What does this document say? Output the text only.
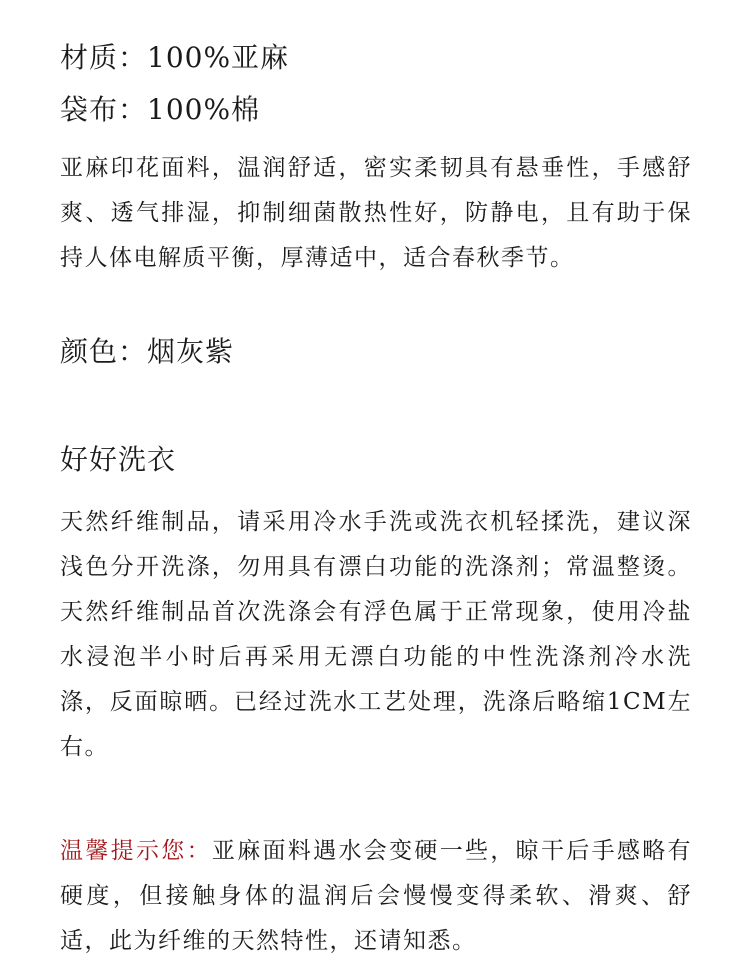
材质：100%亚麻

袋布：100%棉

亚麻印花面料，温润舒适，密实柔韧具有悬垂性，手感舒爽、透气排湿，抑制细菌散热性好，防静电，且有助于保持人体电解质平衡，厚薄适中，适合春秋季节。

颜色：烟灰紫

好好洗衣

天然纤维制品，请采用冷水手洗或洗衣机轻揉洗，建议深浅色分开洗涤，勿用具有漂白功能的洗涤剂；常温整烫。天然纤维制品首次洗涤会有浮色属于正常现象，使用冷盐水浸泡半小时后再采用无漂白功能的中性洗涤剂冷水洗涤，反面晾晒。已经过洗水工艺处理，洗涤后略缩1CM左右。

温馨提示您：亚麻面料遇水会变硬一些，晾干后手感略有硬度，但接触身体的温润后会慢慢变得柔软、滑爽、舒适，此为纤维的天然特性，还请知悉。
